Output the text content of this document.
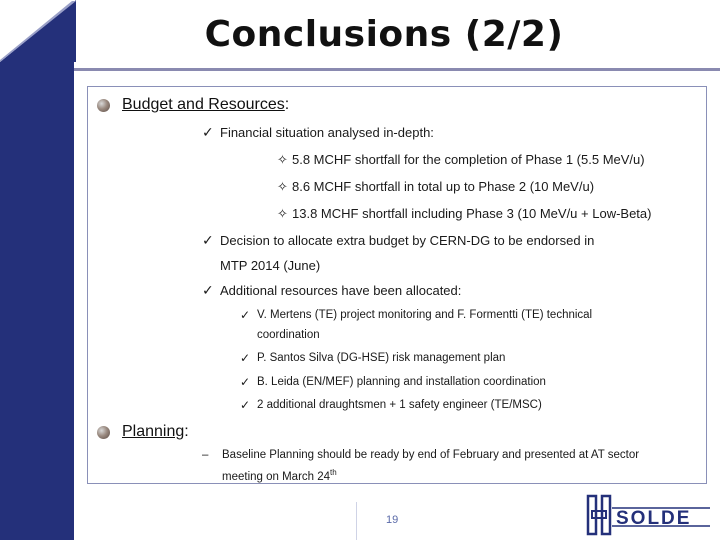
Conclusions (2/2)
Budget and Resources :
✓ Financial situation analysed in-depth:
✧ 5.8 MCHF shortfall for the completion of Phase 1 (5.5 MeV/u)
✧ 8.6 MCHF shortfall in total up to Phase 2 (10 MeV/u)
✧ 13.8 MCHF shortfall including Phase 3 (10 MeV/u + Low-Beta)
✓ Decision to allocate extra budget by CERN-DG to be endorsed in
MTP 2014 (June)
✓ Additional resources have been allocated:
✓ V. Mertens (TE) project monitoring and F. Formentti (TE) technical
coordination
✓ P. Santos Silva (DG-HSE) risk management plan
✓ B. Leida (EN/MEF) planning and installation coordination
✓ 2 additional draughtsmen + 1 safety engineer (TE/MSC)
Planning :
–	Baseline Planning should be ready by end of February and presented at AT sector
meeting on March 24th
19	SOLDE
